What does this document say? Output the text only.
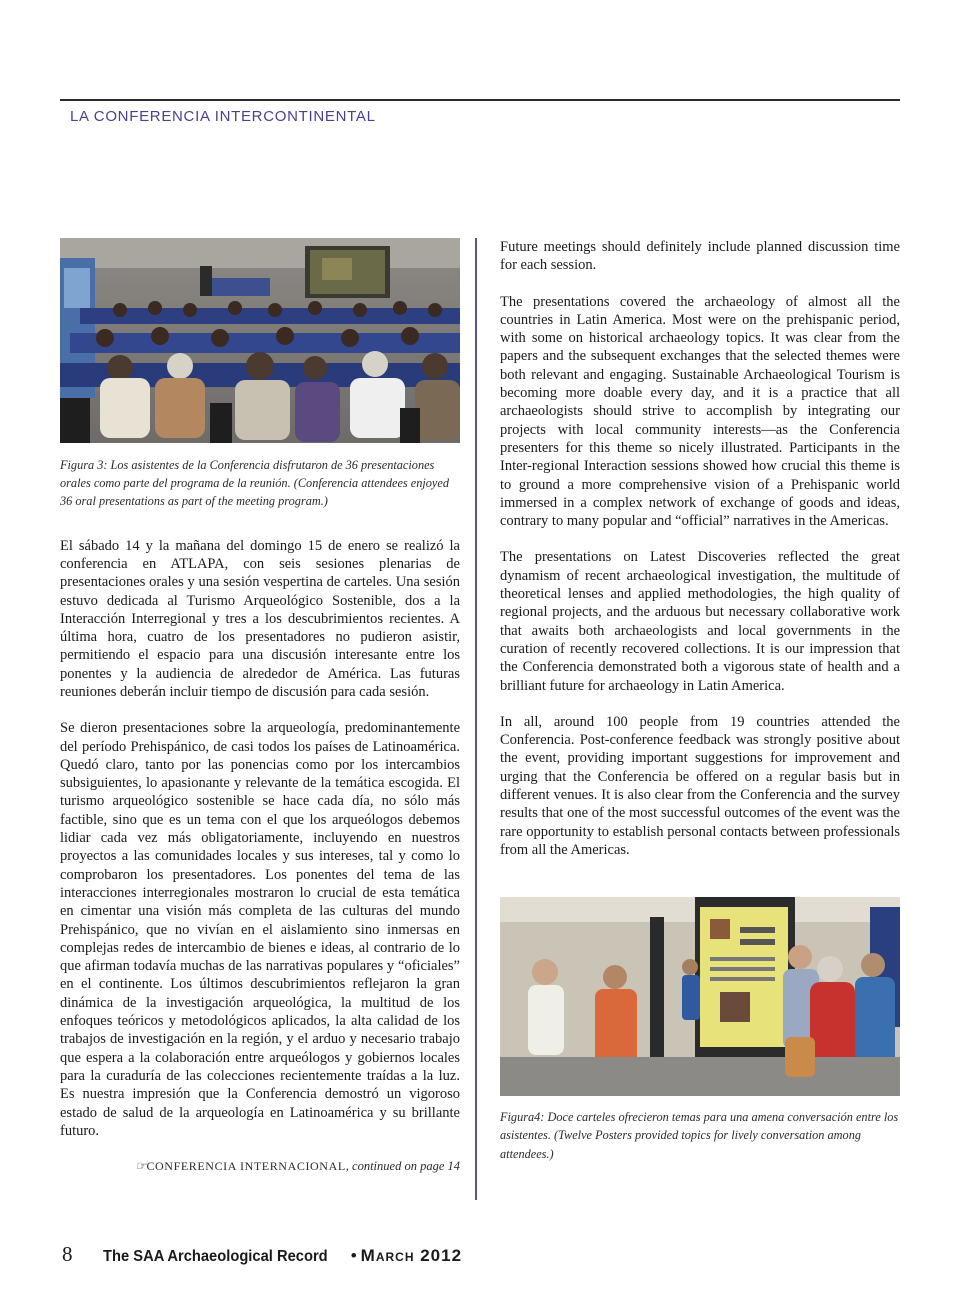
LA CONFERENCIA INTERCONTINENTAL
Figura 3: Los asistentes de la Conferencia disfrutaron de 36 presentaciones orales como parte del programa de la reunión. (Conferencia attendees enjoyed 36 oral presentations as part of the meeting program.)

El sábado 14 y la mañana del domingo 15 de enero se realizó la conferencia en ATLAPA, con seis sesiones plenarias de presentaciones orales y una sesión vespertina de carteles. Una sesión estuvo dedicada al Turismo Arqueológico Sostenible, dos a la Interacción Interregional y tres a los descubrimientos recientes. A última hora, cuatro de los presentadores no pudieron asistir, permitiendo el espacio para una discusión interesante entre los ponentes y la audiencia de alrededor de América. Las futuras reuniones deberán incluir tiempo de discusión para cada sesión.

Se dieron presentaciones sobre la arqueología, predominantemente del período Prehispánico, de casi todos los países de Latinoamérica. Quedó claro, tanto por las ponencias como por los intercambios subsiguientes, lo apasionante y relevante de la temática escogida. El turismo arqueológico sostenible se hace cada día, no sólo más factible, sino que es un tema con el que los arqueólogos debemos lidiar cada vez más obligatoriamente, incluyendo en nuestros proyectos a las comunidades locales y sus intereses, tal y como lo comprobaron los presentadores. Los ponentes del tema de las interacciones interregionales mostraron lo crucial de esta temática en cimentar una visión más completa de las culturas del mundo Prehispánico, que no vivían en el aislamiento sino inmersas en complejas redes de intercambio de bienes e ideas, al contrario de lo que afirman todavía muchas de las narrativas populares y “oficiales” en el continente. Los últimos descubrimientos reflejaron la gran dinámica de la investigación arqueológica, la multitud de los enfoques teóricos y metodológicos aplicados, la alta calidad de los trabajos de investigación en la región, y el arduo y necesario trabajo que espera a la colaboración entre arqueólogos y gobiernos locales para la curaduría de las colecciones recientemente traídas a la luz. Es nuestra impresión que la Conferencia demostró un vigoroso estado de salud de la arqueología en Latinoamérica y su brillante futuro.

☞CONFERENCIA INTERNACIONAL, continued on page 14

Future meetings should definitely include planned discussion time for each session.

The presentations covered the archaeology of almost all the countries in Latin America. Most were on the prehispanic period, with some on historical archaeology topics. It was clear from the papers and the subsequent exchanges that the selected themes were both relevant and engaging. Sustainable Archaeological Tourism is becoming more doable every day, and it is a practice that all archaeologists should strive to accomplish by integrating our projects with local community interests—as the Conferencia presenters for this theme so nicely illustrated. Participants in the Inter-regional Interaction sessions showed how crucial this theme is to ground a more comprehensive vision of a Prehispanic world immersed in a complex network of exchange of goods and ideas, contrary to many popular and “official” narratives in the Americas.

The presentations on Latest Discoveries reflected the great dynamism of recent archaeological investigation, the multitude of theoretical lenses and applied methodologies, the high quality of regional projects, and the arduous but necessary collaborative work that awaits both archaeologists and local governments in the curation of recently recovered collections. It is our impression that the Conferencia demonstrated both a vigorous state of health and a brilliant future for archaeology in Latin America.

In all, around 100 people from 19 countries attended the Conferencia. Post-conference feedback was strongly positive about the event, providing important suggestions for improvement and urging that the Conferencia be offered on a regular basis but in different venues. It is also clear from the Conferencia and the survey results that one of the most successful outcomes of the event was the rare opportunity to establish personal contacts between professionals from all the Americas.

Figura4: Doce carteles ofrecieron temas para una amena conversación entre los asistentes. (Twelve Posters provided topics for lively conversation among attendees.)
8 The SAA Archaeological Record • March 2012
